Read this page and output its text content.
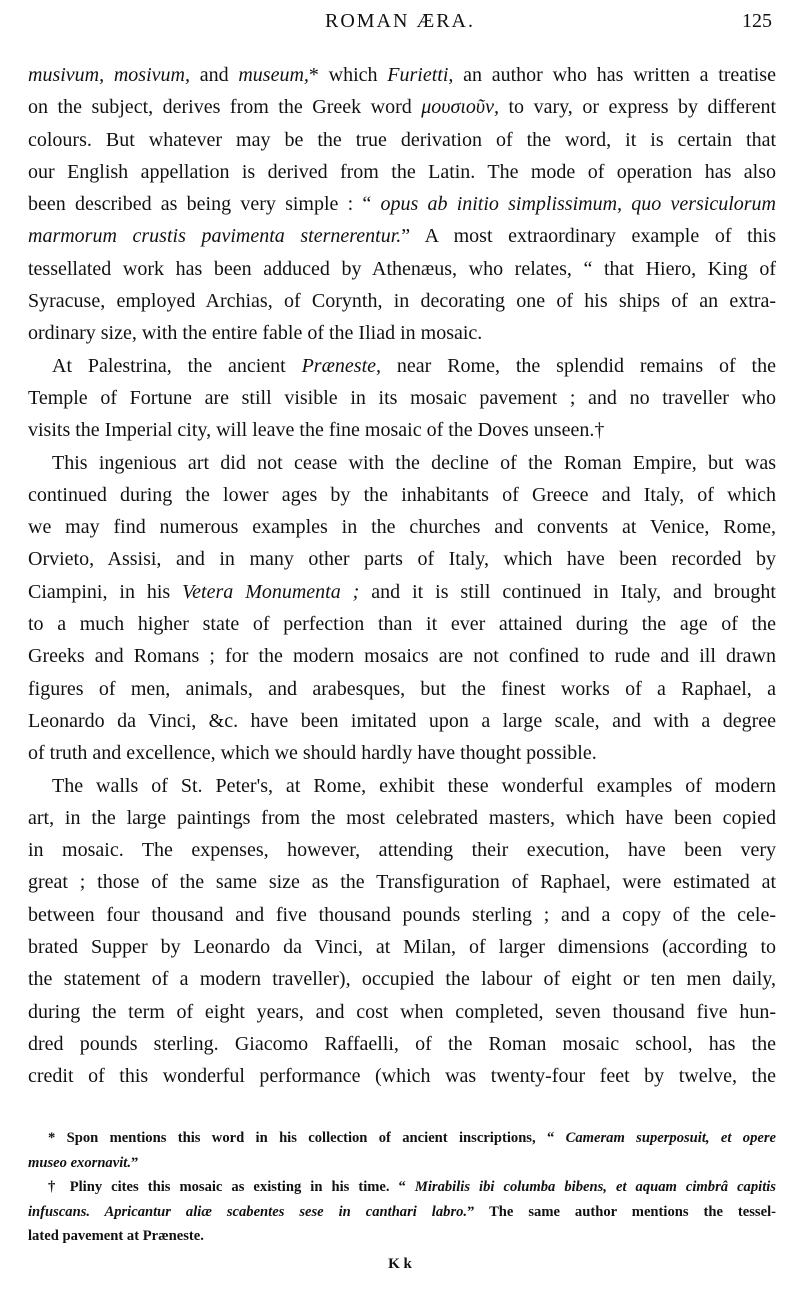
ROMAN ÆRA.	125
musivum, mosivum, and museum,* which Furietti, an author who has written a treatise
on the subject, derives from the Greek word μουσιοῦν, to vary, or express by different
colours. But whatever may be the true derivation of the word, it is certain that
our English appellation is derived from the Latin. The mode of operation has also
been described as being very simple : “ opus ab initio simplissimum, quo versiculorum
marmorum crustis pavimenta sternerentur.” A most extraordinary example of this
tessellated work has been adduced by Athenæus, who relates, “ that Hiero, King of
Syracuse, employed Archias, of Corynth, in decorating one of his ships of an extra-
ordinary size, with the entire fable of the Iliad in mosaic.
At Palestrina, the ancient Præneste, near Rome, the splendid remains of the
Temple of Fortune are still visible in its mosaic pavement ; and no traveller who
visits the Imperial city, will leave the fine mosaic of the Doves unseen.†
This ingenious art did not cease with the decline of the Roman Empire, but was
continued during the lower ages by the inhabitants of Greece and Italy, of which
we may find numerous examples in the churches and convents at Venice, Rome,
Orvieto, Assisi, and in many other parts of Italy, which have been recorded by
Ciampini, in his Vetera Monumenta ; and it is still continued in Italy, and brought
to a much higher state of perfection than it ever attained during the age of the
Greeks and Romans ; for the modern mosaics are not confined to rude and ill drawn
figures of men, animals, and arabesques, but the finest works of a Raphael, a
Leonardo da Vinci, &c. have been imitated upon a large scale, and with a degree
of truth and excellence, which we should hardly have thought possible.
The walls of St. Peter's, at Rome, exhibit these wonderful examples of modern
art, in the large paintings from the most celebrated masters, which have been copied
in mosaic. The expenses, however, attending their execution, have been very
great ; those of the same size as the Transfiguration of Raphael, were estimated at
between four thousand and five thousand pounds sterling ; and a copy of the cele-
brated Supper by Leonardo da Vinci, at Milan, of larger dimensions (according to
the statement of a modern traveller), occupied the labour of eight or ten men daily,
during the term of eight years, and cost when completed, seven thousand five hun-
dred pounds sterling. Giacomo Raffaelli, of the Roman mosaic school, has the
credit of this wonderful performance (which was twenty-four feet by twelve, the
* Spon mentions this word in his collection of ancient inscriptions, “ Cameram superposuit, et opere
museo exornavit.”
† Pliny cites this mosaic as existing in his time. “ Mirabilis ibi columba bibens, et aquam cimbrâ capitis
infuscans. Apricantur aliæ scabentes sese in canthari labro.” The same author mentions the tessel-
lated pavement at Præneste.
K k
